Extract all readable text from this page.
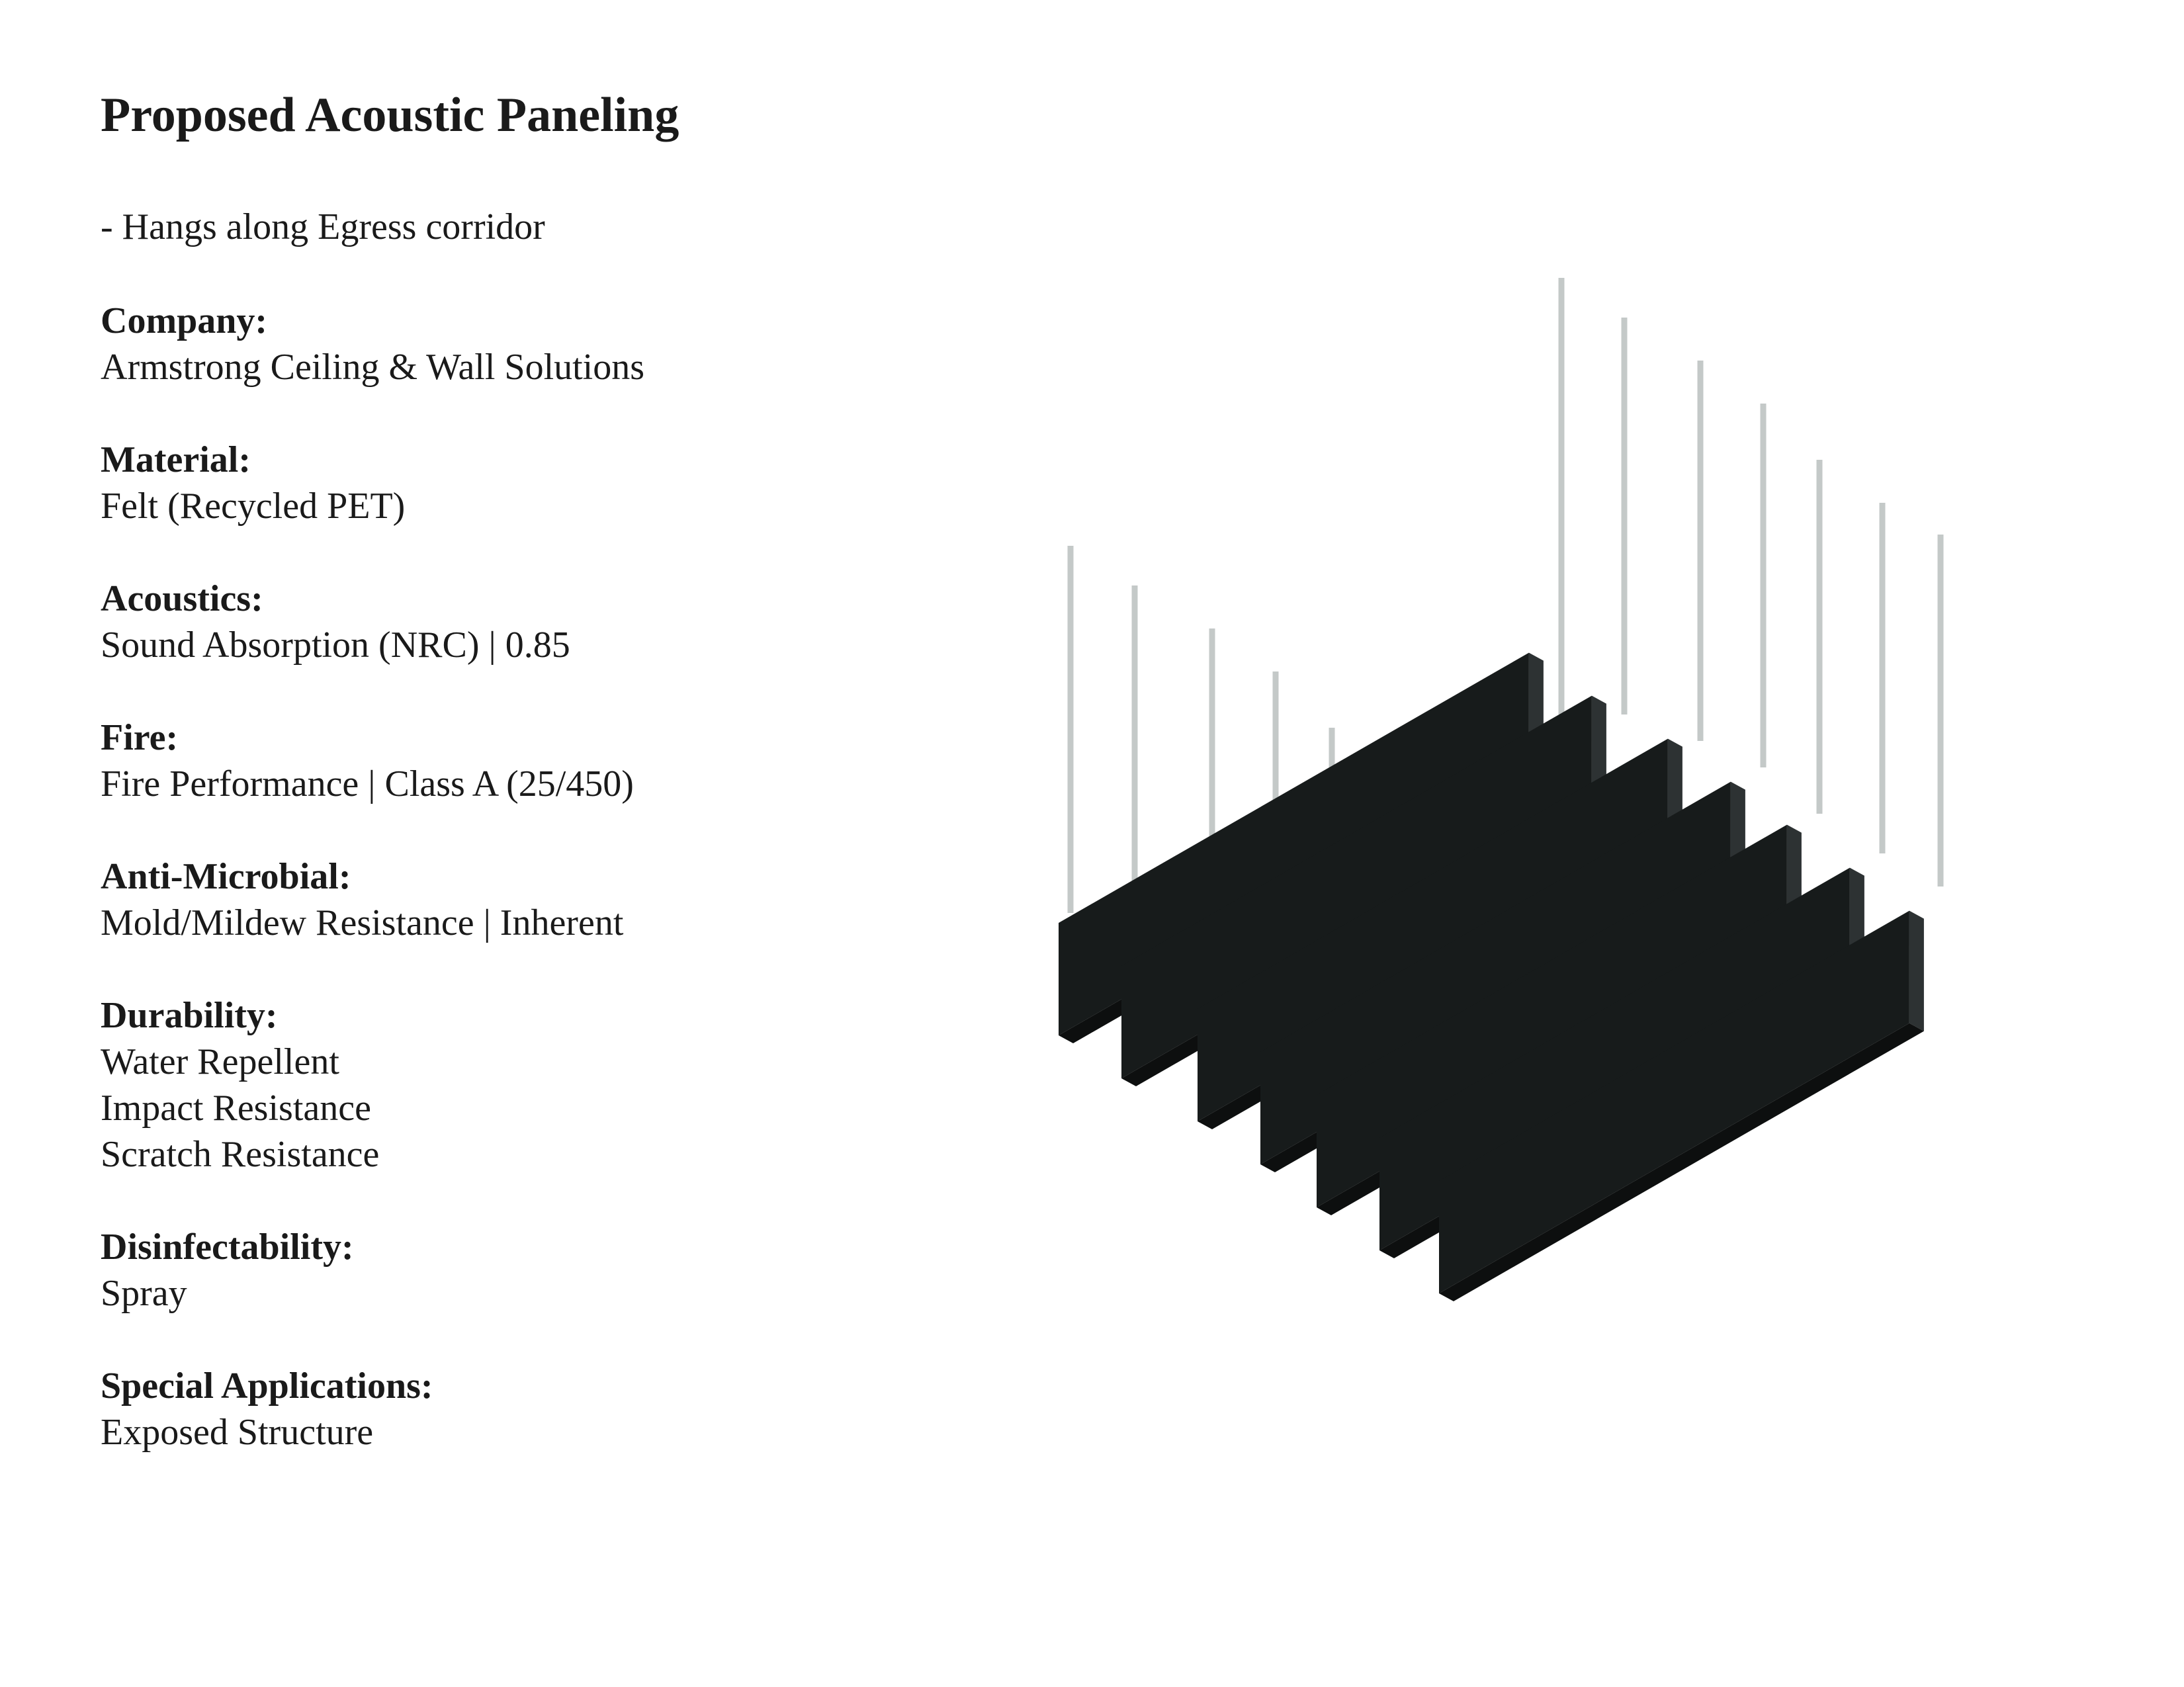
Proposed Acoustic Paneling
- Hangs along Egress corridor
Company:
Armstrong Ceiling & Wall Solutions
Material:
Felt (Recycled PET)
Acoustics:
Sound Absorption (NRC) | 0.85
Fire:
Fire Performance | Class A (25/450)
Anti-Microbial:
Mold/Mildew Resistance | Inherent
Durability:
Water Repellent
Impact Resistance
Scratch Resistance
Disinfectability:
Spray
Special Applications:
Exposed Structure
